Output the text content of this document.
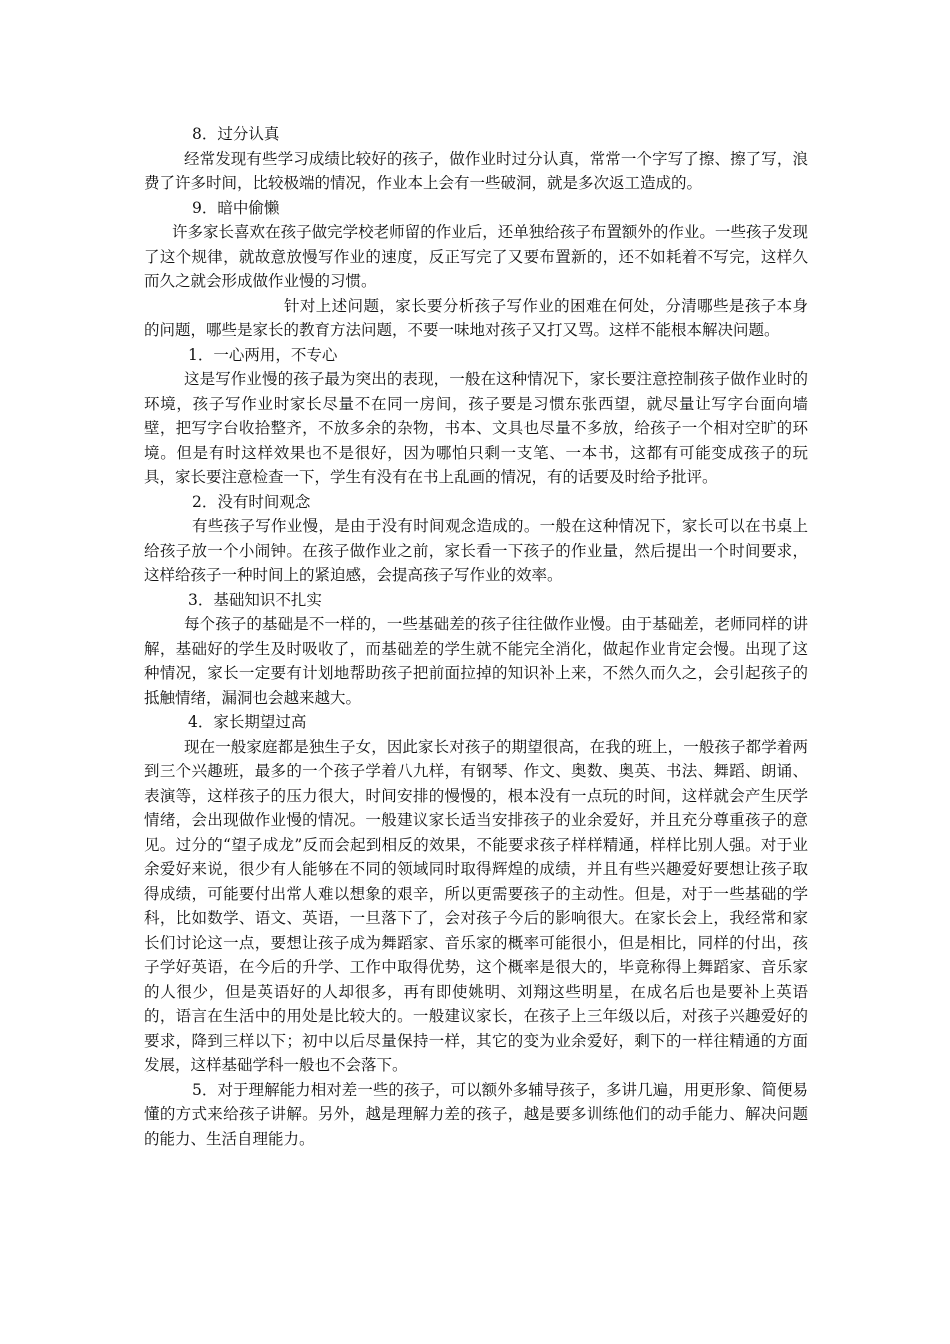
8．过分认真

经常发现有些学习成绩比较好的孩子，做作业时过分认真，常常一个字写了擦、擦了写，浪费了许多时间，比较极端的情况，作业本上会有一些破洞，就是多次返工造成的。

9．暗中偷懒

许多家长喜欢在孩子做完学校老师留的作业后，还单独给孩子布置额外的作业。一些孩子发现了这个规律，就故意放慢写作业的速度，反正写完了又要布置新的，还不如耗着不写完，这样久而久之就会形成做作业慢的习惯。

针对上述问题，家长要分析孩子写作业的困难在何处，分清哪些是孩子本身的问题，哪些是家长的教育方法问题，不要一味地对孩子又打又骂。这样不能根本解决问题。

1．一心两用，不专心

这是写作业慢的孩子最为突出的表现，一般在这种情况下，家长要注意控制孩子做作业时的环境，孩子写作业时家长尽量不在同一房间，孩子要是习惯东张西望，就尽量让写字台面向墙壁，把写字台收拾整齐，不放多余的杂物，书本、文具也尽量不多放，给孩子一个相对空旷的环境。但是有时这样效果也不是很好，因为哪怕只剩一支笔、一本书，这都有可能变成孩子的玩具，家长要注意检查一下，学生有没有在书上乱画的情况，有的话要及时给予批评。

2．没有时间观念

有些孩子写作业慢，是由于没有时间观念造成的。一般在这种情况下，家长可以在书桌上给孩子放一个小闹钟。在孩子做作业之前，家长看一下孩子的作业量，然后提出一个时间要求，这样给孩子一种时间上的紧迫感，会提高孩子写作业的效率。

3．基础知识不扎实

每个孩子的基础是不一样的，一些基础差的孩子往往做作业慢。由于基础差，老师同样的讲解，基础好的学生及时吸收了，而基础差的学生就不能完全消化，做起作业肯定会慢。出现了这种情况，家长一定要有计划地帮助孩子把前面拉掉的知识补上来，不然久而久之，会引起孩子的抵触情绪，漏洞也会越来越大。

4．家长期望过高

现在一般家庭都是独生子女，因此家长对孩子的期望很高，在我的班上，一般孩子都学着两到三个兴趣班，最多的一个孩子学着八九样，有钢琴、作文、奥数、奥英、书法、舞蹈、朗诵、表演等，这样孩子的压力很大，时间安排的慢慢的，根本没有一点玩的时间，这样就会产生厌学情绪，会出现做作业慢的情况。一般建议家长适当安排孩子的业余爱好，并且充分尊重孩子的意见。过分的“望子成龙”反而会起到相反的效果，不能要求孩子样样精通，样样比别人强。对于业余爱好来说，很少有人能够在不同的领域同时取得辉煌的成绩，并且有些兴趣爱好要想让孩子取得成绩，可能要付出常人难以想象的艰辛，所以更需要孩子的主动性。但是，对于一些基础的学科，比如数学、语文、英语，一旦落下了，会对孩子今后的影响很大。在家长会上，我经常和家长们讨论这一点，要想让孩子成为舞蹈家、音乐家的概率可能很小，但是相比，同样的付出，孩子学好英语，在今后的升学、工作中取得优势，这个概率是很大的，毕竟称得上舞蹈家、音乐家的人很少，但是英语好的人却很多，再有即使姚明、刘翔这些明星，在成名后也是要补上英语的，语言在生活中的用处是比较大的。一般建议家长，在孩子上三年级以后，对孩子兴趣爱好的要求，降到三样以下；初中以后尽量保持一样，其它的变为业余爱好，剩下的一样往精通的方面发展，这样基础学科一般也不会落下。

5．对于理解能力相对差一些的孩子，可以额外多辅导孩子，多讲几遍，用更形象、简便易懂的方式来给孩子讲解。另外，越是理解力差的孩子，越是要多训练他们的动手能力、解决问题的能力、生活自理能力。
